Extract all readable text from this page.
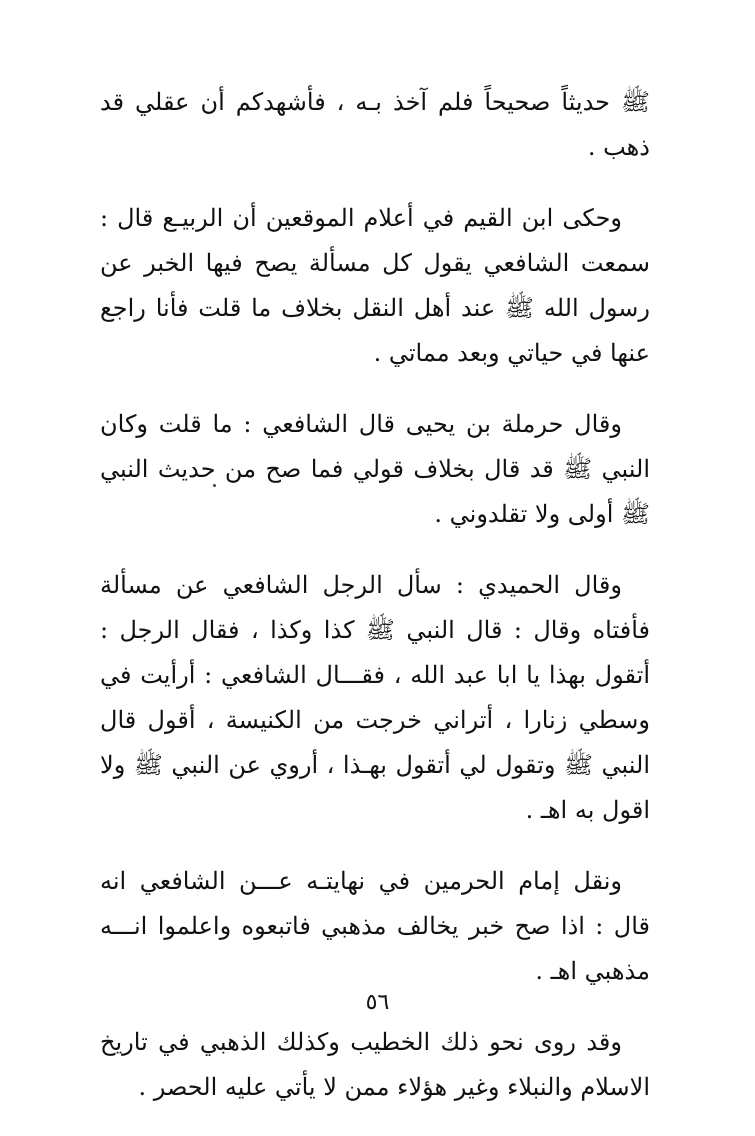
ﷺ حديثاً صحيحاً فلم آخذ بـه ، فأشهدكم أن عقلي قد ذهب .

وحكى ابن القيم في أعلام الموقعين أن الربيـع قال : سمعت الشافعي يقول كل مسألة يصح فيها الخبر عن رسول الله ﷺ عند أهل النقل بخلاف ما قلت فأنا راجع عنها في حياتي وبعد مماتي .

وقال حرملة بن يحيى قال الشافعي : ما قلت وكان النبي ﷺ قد قال بخلاف قولي فما صح من حديث النبي ﷺ أولى ولا تقلدوني .

وقال الحميدي : سأل الرجل الشافعي عن مسألة فأفتاه وقال : قال النبي ﷺ كذا وكذا ، فقال الرجل : أتقول بهذا يا ابا عبد الله ، فقـــال الشافعي : أرأيت في وسطي زنارا ، أتراني خرجت من الكنيسة ، أقول قال النبي ﷺ وتقول لي أتقول بهـذا ، أروي عن النبي ﷺ ولا اقول به اهـ .

ونقل إمام الحرمين في نهايتـه عـــن الشافعي انه قال : اذا صح خبر يخالف مذهبي فاتبعوه واعلموا انـــه مذهبي اهـ .

وقد روى نحو ذلك الخطيب وكذلك الذهبي في تاريخ الاسلام والنبلاء وغير هؤلاء ممن لا يأتي عليه الحصر .

٥٦
